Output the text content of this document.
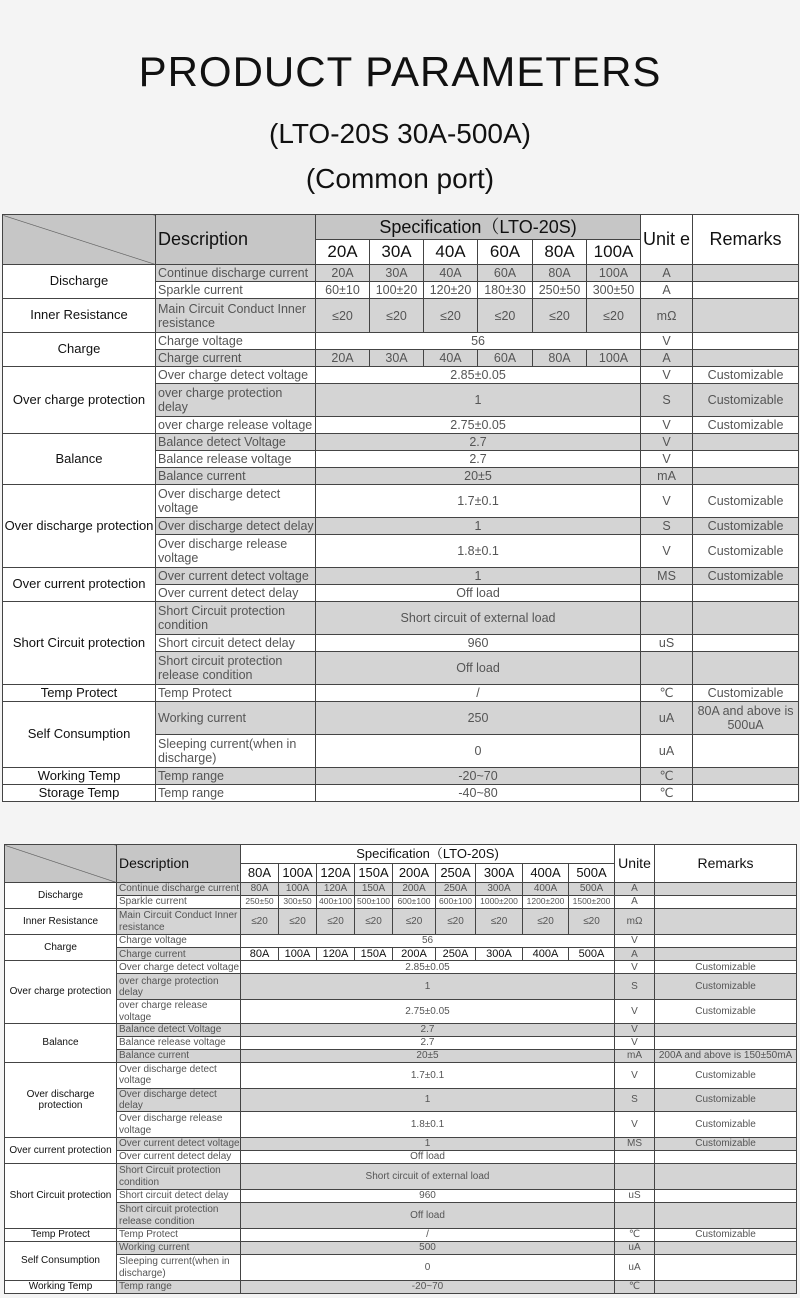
PRODUCT PARAMETERS
(LTO-20S 30A-500A)
(Common port)
	Description	Specification（LTO-20S)						Unit e	Remarks
		20A	30A	40A	60A	80A	100A		
Discharge	Continue discharge current	20A	30A	40A	60A	80A	100A	A	
	Sparkle current	60±10	100±20	120±20	180±30	250±50	300±50	A	
Inner Resistance	Main Circuit Conduct Inner resistance	≤20	≤20	≤20	≤20	≤20	≤20	mΩ	
Charge	Charge voltage	56						V	
	Charge current	20A	30A	40A	60A	80A	100A	A	
Over charge protection	Over charge detect voltage	2.85±0.05						V	Customizable
	over charge protection delay	1						S	Customizable
	over charge release voltage	2.75±0.05						V	Customizable
Balance	Balance detect Voltage	2.7						V	
	Balance release voltage	2.7						V	
	Balance current	20±5						mA	
Over discharge protection	Over discharge detect voltage	1.7±0.1						V	Customizable
	Over discharge detect delay	1						S	Customizable
	Over discharge release voltage	1.8±0.1						V	Customizable
Over current protection	Over current detect voltage	1						MS	Customizable
	Over current detect delay	Off load							
Short Circuit protection	Short Circuit protection condition	Short circuit of external load							
	Short circuit detect delay	960						uS	
	Short circuit protection release condition	Off load							
Temp Protect	Temp Protect	/						℃	Customizable
Self Consumption	Working current	250						uA	80A and above is 500uA
	Sleeping current(when in discharge)	0						uA	
Working Temp	Temp range	-20~70						℃	
Storage Temp	Temp range	-40~80						℃	
	Description	Specification（LTO-20S)									Unite	Remarks
		80A	100A	120A	150A	200A	250A	300A	400A	500A		
Discharge	Continue discharge current	80A	100A	120A	150A	200A	250A	300A	400A	500A	A	
	Sparkle current	250±50	300±50	400±100	500±100	600±100	600±100	1000±200	1200±200	1500±200	A	
Inner Resistance	Main Circuit Conduct Inner resistance	≤20	≤20	≤20	≤20	≤20	≤20	≤20	≤20	≤20	mΩ	
Charge	Charge voltage	56									V	
	Charge current	80A	100A	120A	150A	200A	250A	300A	400A	500A	A	
Over charge protection	Over charge detect voltage	2.85±0.05									V	Customizable
	over charge protection delay	1									S	Customizable
	over charge release voltage	2.75±0.05									V	Customizable
Balance	Balance detect Voltage	2.7									V	
	Balance release voltage	2.7									V	
	Balance current	20±5									mA	200A and above is 150±50mA
Over discharge protection	Over discharge detect voltage	1.7±0.1									V	Customizable
	Over discharge detect delay	1									S	Customizable
	Over discharge release voltage	1.8±0.1									V	Customizable
Over current protection	Over current detect voltage	1									MS	Customizable
	Over current detect delay	Off load										
Short Circuit protection	Short Circuit protection condition	Short circuit of external load										
	Short circuit detect delay	960									uS	
	Short circuit protection release condition	Off load										
Temp Protect	Temp Protect	/									℃	Customizable
Self Consumption	Working current	500									uA	
	Sleeping current(when in discharge)	0									uA	
Working Temp	Temp range	-20~70									℃	
